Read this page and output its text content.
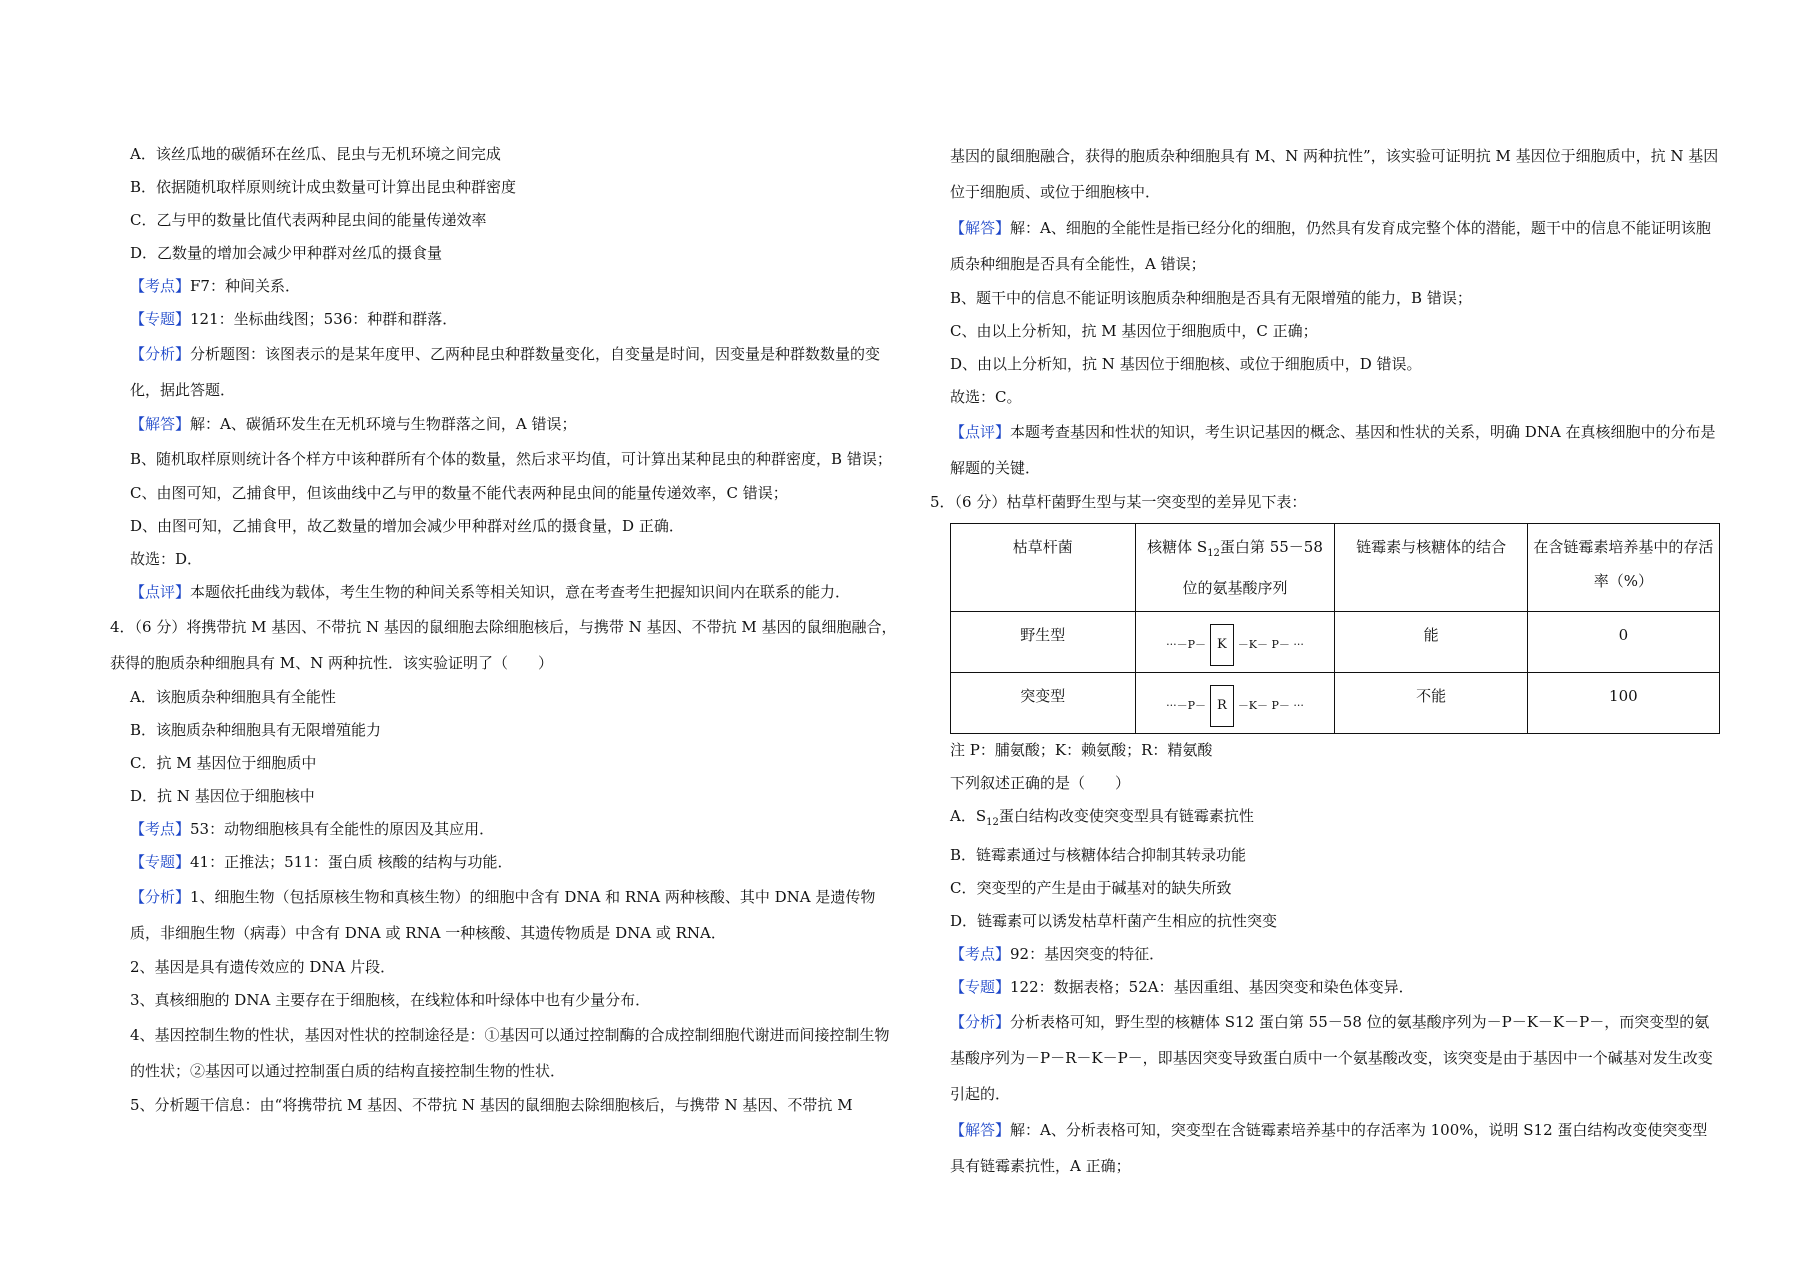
A．该丝瓜地的碳循环在丝瓜、昆虫与无机环境之间完成
B．依据随机取样原则统计成虫数量可计算出昆虫种群密度
C．乙与甲的数量比值代表两种昆虫间的能量传递效率
D．乙数量的增加会减少甲种群对丝瓜的摄食量
【考点】F7：种间关系．
【专题】121：坐标曲线图；536：种群和群落．
【分析】分析题图：该图表示的是某年度甲、乙两种昆虫种群数量变化，自变量是时间，因变量是种群数数量的变化，据此答题．
【解答】解：A、碳循环发生在无机环境与生物群落之间，A 错误；
B、随机取样原则统计各个样方中该种群所有个体的数量，然后求平均值，可计算出某种昆虫的种群密度，B 错误；
C、由图可知，乙捕食甲，但该曲线中乙与甲的数量不能代表两种昆虫间的能量传递效率，C 错误；
D、由图可知，乙捕食甲，故乙数量的增加会减少甲种群对丝瓜的摄食量，D 正确．
故选：D．
【点评】本题依托曲线为载体，考生生物的种间关系等相关知识，意在考查考生把握知识间内在联系的能力．
4．（6 分）将携带抗 M 基因、不带抗 N 基因的鼠细胞去除细胞核后，与携带 N 基因、不带抗 M 基因的鼠细胞融合，获得的胞质杂种细胞具有 M、N 两种抗性．该实验证明了（　　）
A．该胞质杂种细胞具有全能性
B．该胞质杂种细胞具有无限增殖能力
C．抗 M 基因位于细胞质中
D．抗 N 基因位于细胞核中
【考点】53：动物细胞核具有全能性的原因及其应用．
【专题】41：正推法；511：蛋白质 核酸的结构与功能．
【分析】1、细胞生物（包括原核生物和真核生物）的细胞中含有 DNA 和 RNA 两种核酸、其中 DNA 是遗传物质，非细胞生物（病毒）中含有 DNA 或 RNA 一种核酸、其遗传物质是 DNA 或 RNA．
2、基因是具有遗传效应的 DNA 片段．
3、真核细胞的 DNA 主要存在于细胞核，在线粒体和叶绿体中也有少量分布．
4、基因控制生物的性状，基因对性状的控制途径是：①基因可以通过控制酶的合成控制细胞代谢进而间接控制生物的性状；②基因可以通过控制蛋白质的结构直接控制生物的性状．
5、分析题干信息：由“将携带抗 M 基因、不带抗 N 基因的鼠细胞去除细胞核后，与携带 N 基因、不带抗 M
基因的鼠细胞融合，获得的胞质杂种细胞具有 M、N 两种抗性”，该实验可证明抗 M 基因位于细胞质中，抗 N 基因位于细胞质、或位于细胞核中．
【解答】解：A、细胞的全能性是指已经分化的细胞，仍然具有发育成完整个体的潜能，题干中的信息不能证明该胞质杂种细胞是否具有全能性，A 错误；
B、题干中的信息不能证明该胞质杂种细胞是否具有无限增殖的能力，B 错误；
C、由以上分析知，抗 M 基因位于细胞质中，C 正确；
D、由以上分析知，抗 N 基因位于细胞核、或位于细胞质中，D 错误。
故选：C。
【点评】本题考查基因和性状的知识，考生识记基因的概念、基因和性状的关系，明确 DNA 在真核细胞中的分布是解题的关键．
5．（6 分）枯草杆菌野生型与某一突变型的差异见下表：
枯草杆菌	核糖体 $S_{12}$蛋白第 55－58 位的氨基酸序列	链霉素与核糖体的结合	在含链霉素培养基中的存活率（%）
野生型	···－P－ K －K－ P－ ···	能	0
突变型	···－P－ R －K－ P－ ···	不能	100
注 P：脯氨酸；K：赖氨酸；R：精氨酸
下列叙述正确的是（　　）
A．$S_{12}$蛋白结构改变使突变型具有链霉素抗性
B．链霉素通过与核糖体结合抑制其转录功能
C．突变型的产生是由于碱基对的缺失所致
D．链霉素可以诱发枯草杆菌产生相应的抗性突变
【考点】92：基因突变的特征．
【专题】122：数据表格；52A：基因重组、基因突变和染色体变异．
【分析】分析表格可知，野生型的核糖体 S12 蛋白第 55－58 位的氨基酸序列为－P－K－K－P－，而突变型的氨基酸序列为－P－R－K－P－，即基因突变导致蛋白质中一个氨基酸改变，该突变是由于基因中一个碱基对发生改变引起的．
【解答】解：A、分析表格可知，突变型在含链霉素培养基中的存活率为 100%，说明 S12 蛋白结构改变使突变型具有链霉素抗性，A 正确；
